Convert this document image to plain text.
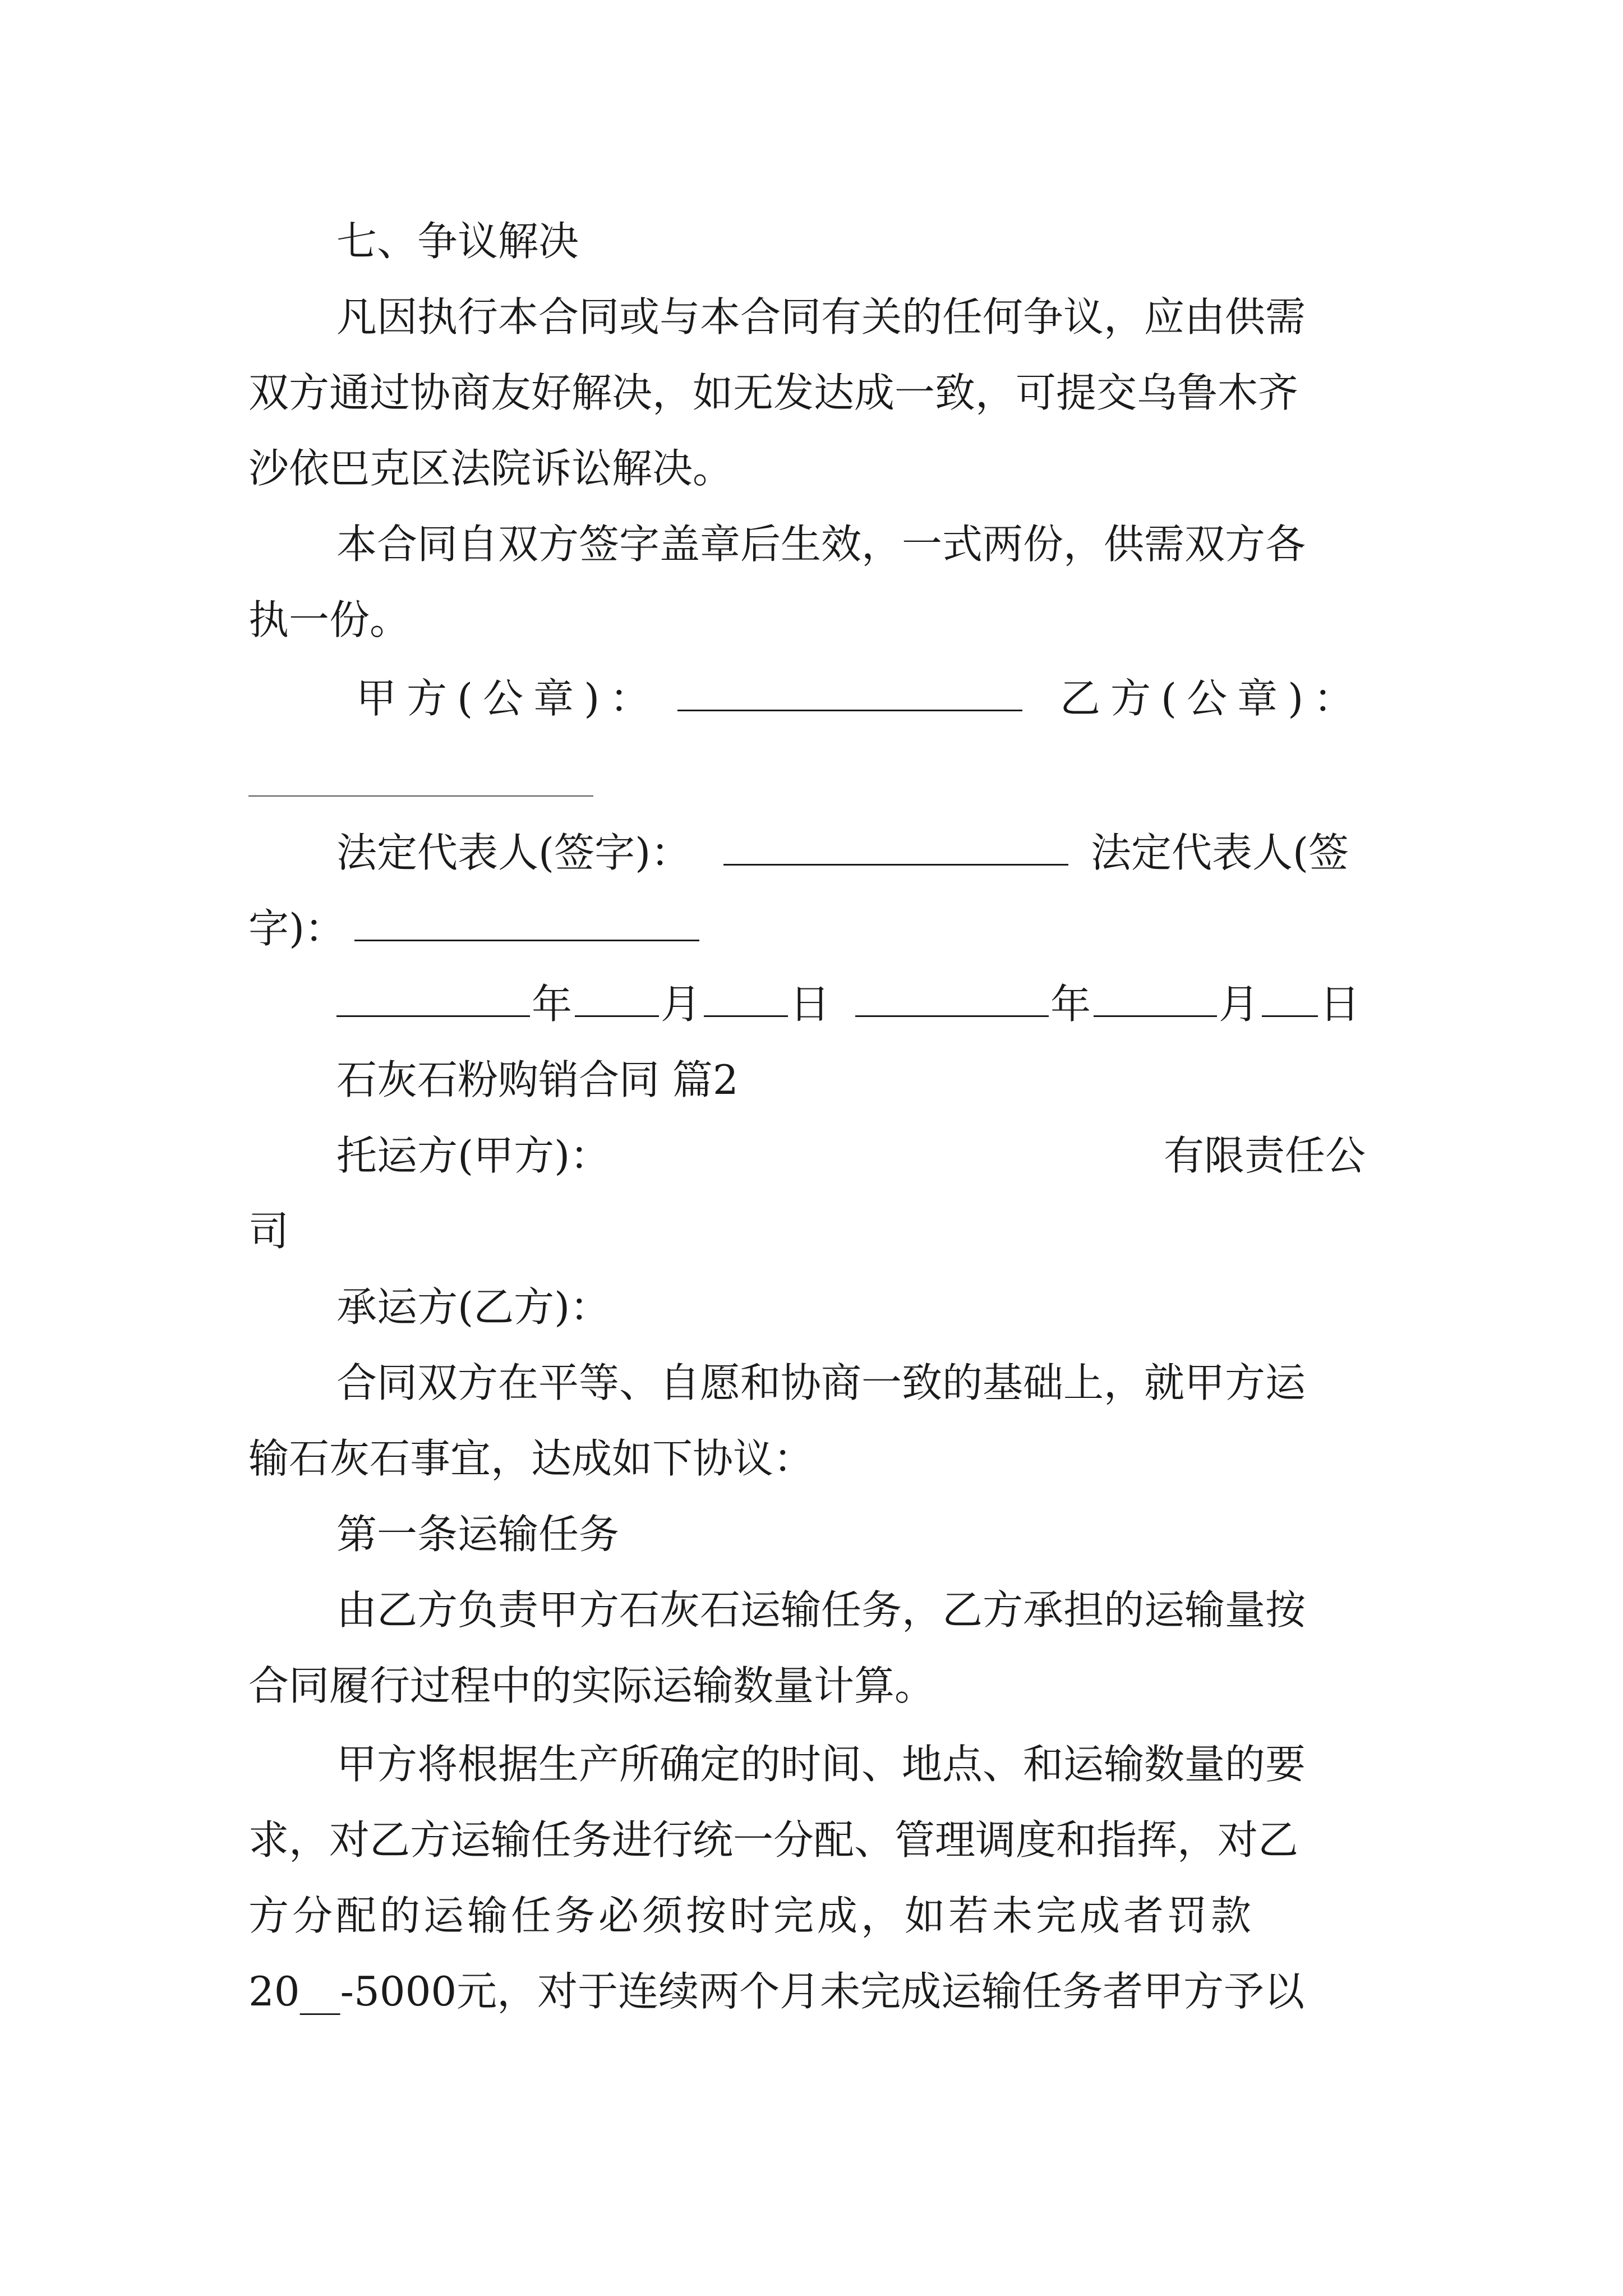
七、争议解决
凡因执行本合同或与本合同有关的任何争议，应由供需
双方通过协商友好解决，如无发达成一致，可提交乌鲁木齐
沙依巴克区法院诉讼解决。
本合同自双方签字盖章后生效，一式两份，供需双方各
执一份。
甲方(公章)：	乙方(公章)：
法定代表人(签字)：	法定代表人(签
字)：
年 月 日	年	月 日
石灰石粉购销合同 篇2
托运方(甲方)：	有限责任公
司
承运方(乙方)：
合同双方在平等、自愿和协商一致的基础上，就甲方运
输石灰石事宜，达成如下协议：
第一条运输任务
由乙方负责甲方石灰石运输任务，乙方承担的运输量按
合同履行过程中的实际运输数量计算。
甲方将根据生产所确定的时间、地点、和运输数量的要
求，对乙方运输任务进行统一分配、管理调度和指挥，对乙
方分配的运输任务必须按时完成，如若未完成者罚款
20__-5000元，对于连续两个月未完成运输任务者甲方予以
